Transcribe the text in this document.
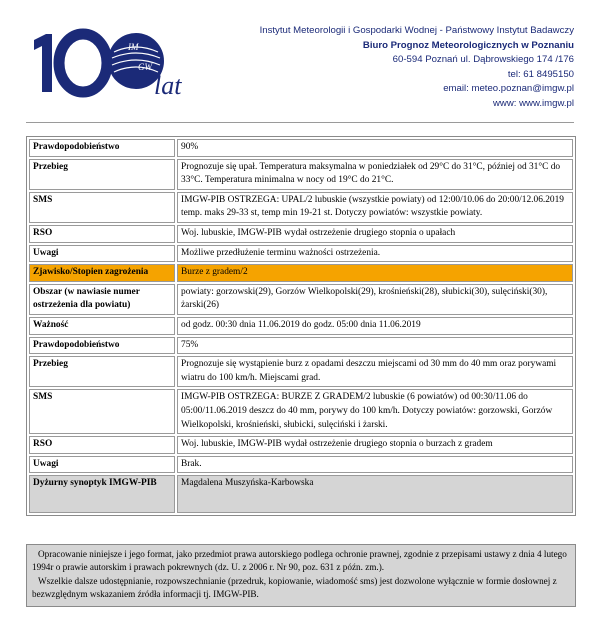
IM
GW
lat
Instytut Meteorologii i Gospodarki Wodnej - Państwowy Instytut Badawczy
Biuro Prognoz Meteorologicznych w Poznaniu
60-594 Poznań ul. Dąbrowskiego 174 /176
tel: 61 8495150
email: meteo.poznan@imgw.pl
www: www.imgw.pl
Prawdopodobieństwo	90%
Przebieg	Prognozuje się upał. Temperatura maksymalna w poniedziałek od 29°C do 31°C, później od 31°C do 33°C. Temperatura minimalna w nocy od 19°C do 21°C.
SMS	IMGW-PIB OSTRZEGA: UPAL/2 lubuskie (wszystkie powiaty) od 12:00/10.06 do 20:00/12.06.2019 temp. maks 29-33 st, temp min 19-21 st. Dotyczy powiatów: wszystkie powiaty.
RSO	Woj. lubuskie, IMGW-PIB wydał ostrzeżenie drugiego stopnia o upałach
Uwagi	Możliwe przedłużenie terminu ważności ostrzeżenia.
Zjawisko/Stopien zagrożenia	Burze z gradem/2
Obszar (w nawiasie numer ostrzeżenia dla powiatu)	powiaty: gorzowski(29), Gorzów Wielkopolski(29), krośnieński(28), słubicki(30), sulęciński(30), żarski(26)
Ważność	od godz. 00:30 dnia 11.06.2019 do godz. 05:00 dnia 11.06.2019
Prawdopodobieństwo	75%
Przebieg	Prognozuje się wystąpienie burz z opadami deszczu miejscami od 30 mm do 40 mm oraz porywami wiatru do 100 km/h. Miejscami grad.
SMS	IMGW-PIB OSTRZEGA: BURZE Z GRADEM/2 lubuskie (6 powiatów) od 00:30/11.06 do 05:00/11.06.2019 deszcz do 40 mm, porywy do 100 km/h. Dotyczy powiatów: gorzowski, Gorzów Wielkopolski, krośnieński, słubicki, sulęciński i żarski.
RSO	Woj. lubuskie, IMGW-PIB wydał ostrzeżenie drugiego stopnia o burzach z gradem
Uwagi	Brak.
Dyżurny synoptyk IMGW-PIB	Magdalena Muszyńska-Karbowska
Opracowanie niniejsze i jego format, jako przedmiot prawa autorskiego podlega ochronie prawnej, zgodnie z przepisami ustawy z dnia 4 lutego 1994r o prawie autorskim i prawach pokrewnych (dz. U. z 2006 r. Nr 90, poz. 631 z późn. zm.).
Wszelkie dalsze udostępnianie, rozpowszechnianie (przedruk, kopiowanie, wiadomość sms) jest dozwolone wyłącznie w formie dosłownej z bezwzględnym wskazaniem źródła informacji tj. IMGW-PIB.
